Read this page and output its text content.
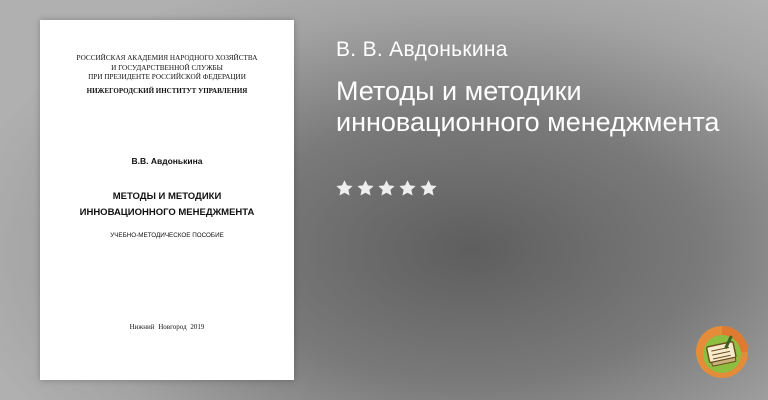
РОССИЙСКАЯ АКАДЕМИЯ НАРОДНОГО ХОЗЯЙСТВА
И ГОСУДАРСТВЕННОЙ СЛУЖБЫ
ПРИ ПРЕЗИДЕНТЕ РОССИЙСКОЙ ФЕДЕРАЦИИ
НИЖЕГОРОДСКИЙ ИНСТИТУТ УПРАВЛЕНИЯ
В.В. Авдонькина
МЕТОДЫ И МЕТОДИКИ
ИННОВАЦИОННОГО МЕНЕДЖМЕНТА
УЧЕБНО-МЕТОДИЧЕСКОЕ ПОСОБИЕ
Нижний Новгород 2019
В. В. Авдонькина
Методы и методики инновационного менеджмента
